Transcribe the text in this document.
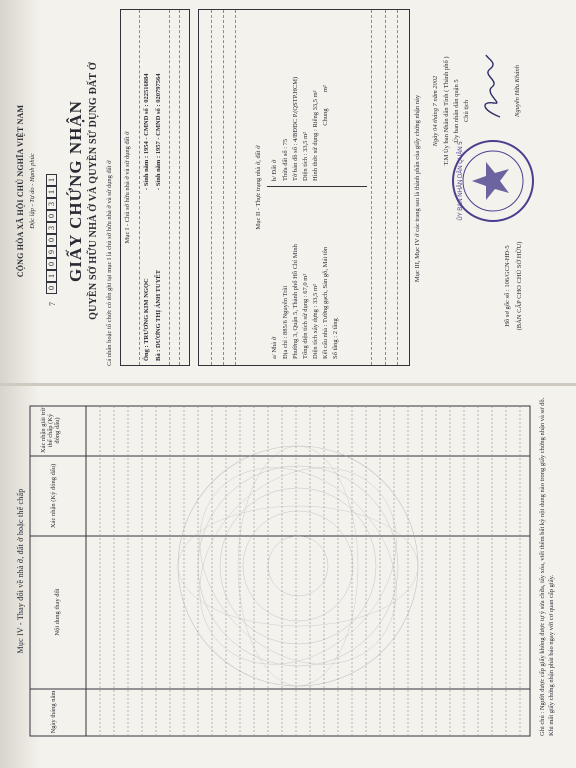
Mục IV - Thay đổi về nhà ở, đất ở hoặc thế chấp
Ngày tháng năm
Nội dung thay đổi
Xác nhận (Ký đóng dấu)
Xác nhận giải trừ thế chấp (Ký đóng dấu)	Ghi chú : Người được cấp giấy không được tự ý sửa chữa, tẩy xóa, viết thêm bất kỳ nội dung nào trong giấy chứng nhận và sơ đồ. Khi mất giấy chứng nhận phải báo ngay với cơ quan cấp giấy.
CỘNG HÒA XÃ HỘI CHỦ NGHĨA VIỆT NAM Độc lập - Tự do - Hạnh phúc
7
0
1
0
9
0
3
0
3
1
1 GIẤY CHỨNG NHẬN QUYỀN SỞ HỮU NHÀ Ở VÀ QUYỀN SỬ DỤNG ĐẤT Ở Cá nhân hoặc tổ chức có tên ghi tại mục I là chủ sở hữu nhà ở và sử dụng đất ở Mục I - Chủ sở hữu nhà ở và sử dụng đất ở
Ông : TRƯƠNG KIM NGỌC
- Sinh năm : 1954 - CMND số : 022516884
Bà : DƯƠNG THỊ ÁNH TUYẾT
- Sinh năm : 1957 - CMND số : 020797564	Mục II - Thực trạng nhà ở, đất ở
a/ Nhà ở Địa chỉ : 885/6 Nguyễn Trãi Phường 3, Quận 5, Thành phố Hồ Chí Minh Tổng diện tích sử dụng : 67,0 m² Diện tích xây dựng : 33,5 m² Kết cấu nhà : Tường gạch, Sàn gỗ, Mái tôn Số tầng : 2 tầng
b/ Đất ở Thửa đất số : 75 Tờ bản đồ số : 4/BĐĐC P.(QSTP.HCM) Diện tích : 33,5 m² Hình thức sử dụng : Riêng 33,5 m² Chung          m²	Mục III, Mục IV ở các trang sau là thành phần của giấy chứng nhận này Ngày 04 tháng 7 năm 2002 T.M Ủy ban Nhân dân Tỉnh ( Thành phố ) Ủy ban nhân dân quận 5 Chủ tịch
ỦY BAN NHÂN DÂN QUẬN 5
Nguyễn Hữu Khánh
Hồ sơ gốc số : 106/GCN-HĐ-5 (BẢN CẤP CHO CHỦ SỞ HỮU)
